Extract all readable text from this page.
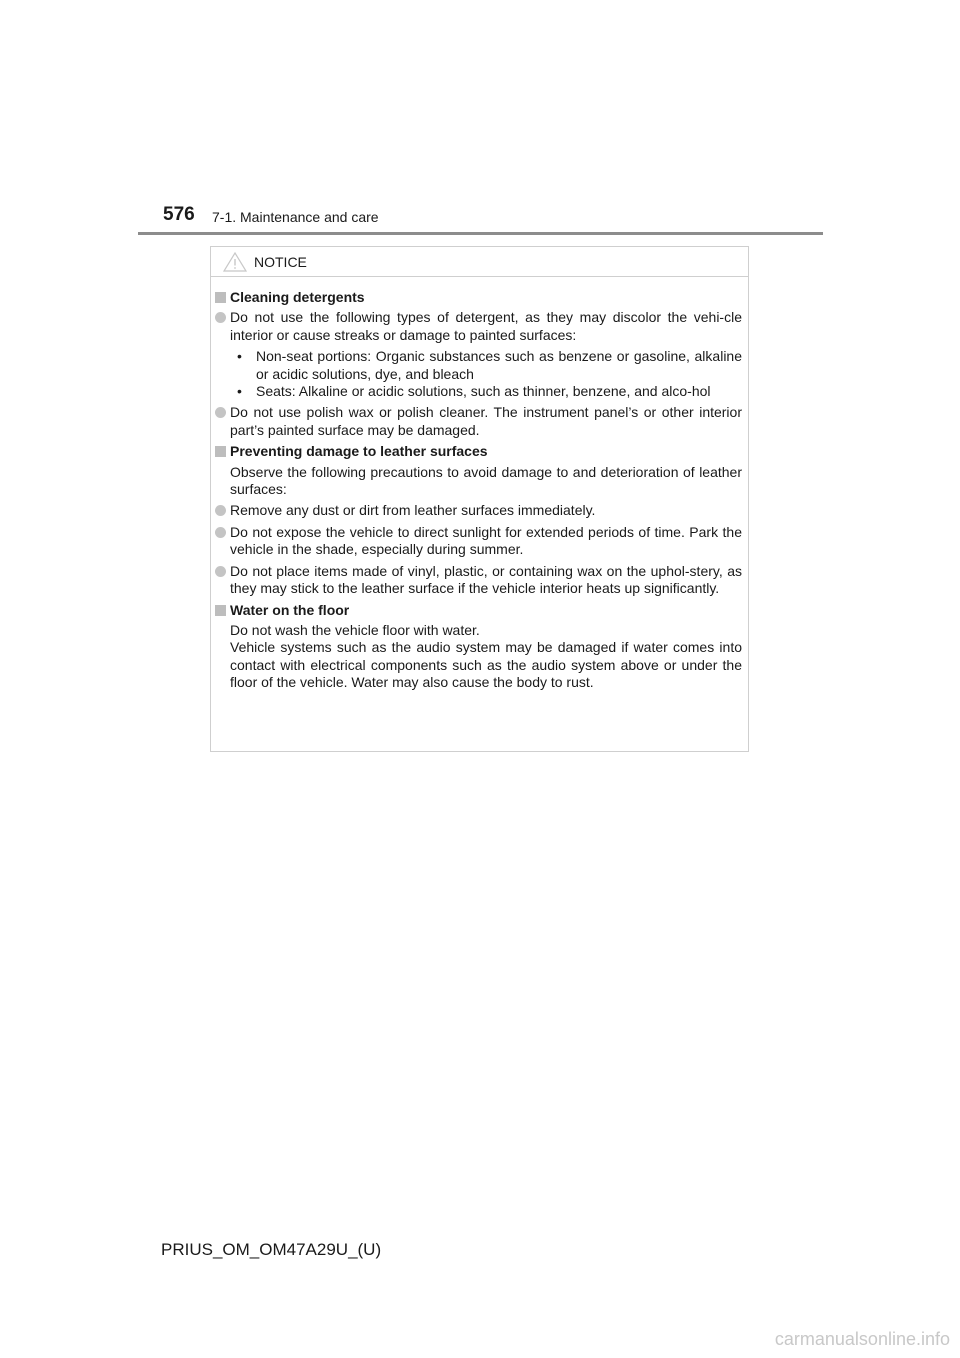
576 7-1. Maintenance and care
NOTICE
Cleaning detergents
Do not use the following types of detergent, as they may discolor the vehi-cle interior or cause streaks or damage to painted surfaces:
• Non-seat portions: Organic substances such as benzene or gasoline, alkaline or acidic solutions, dye, and bleach
• Seats: Alkaline or acidic solutions, such as thinner, benzene, and alco-hol
Do not use polish wax or polish cleaner. The instrument panel’s or other interior part’s painted surface may be damaged.
Preventing damage to leather surfaces
Observe the following precautions to avoid damage to and deterioration of leather surfaces:
Remove any dust or dirt from leather surfaces immediately.
Do not expose the vehicle to direct sunlight for extended periods of time. Park the vehicle in the shade, especially during summer.
Do not place items made of vinyl, plastic, or containing wax on the uphol-stery, as they may stick to the leather surface if the vehicle interior heats up significantly.
Water on the floor
Do not wash the vehicle floor with water.
Vehicle systems such as the audio system may be damaged if water comes into contact with electrical components such as the audio system above or under the floor of the vehicle. Water may also cause the body to rust.
PRIUS_OM_OM47A29U_(U)
carmanualsonline.info
